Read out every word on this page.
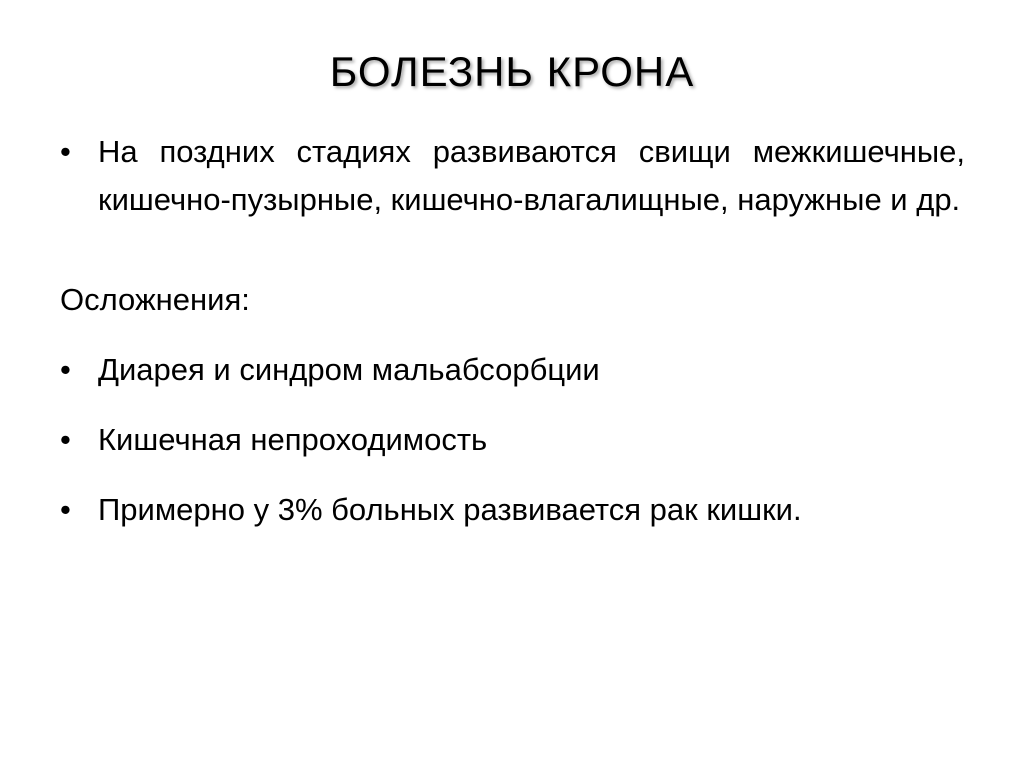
БОЛЕЗНЬ КРОНА
• На поздних стадиях развиваются свищи межкишечные, кишечно-пузырные, кишечно-влагалищные, наружные и др.
Осложнения:
• Диарея и синдром мальабсорбции
• Кишечная непроходимость
• Примерно у 3% больных развивается рак кишки.
